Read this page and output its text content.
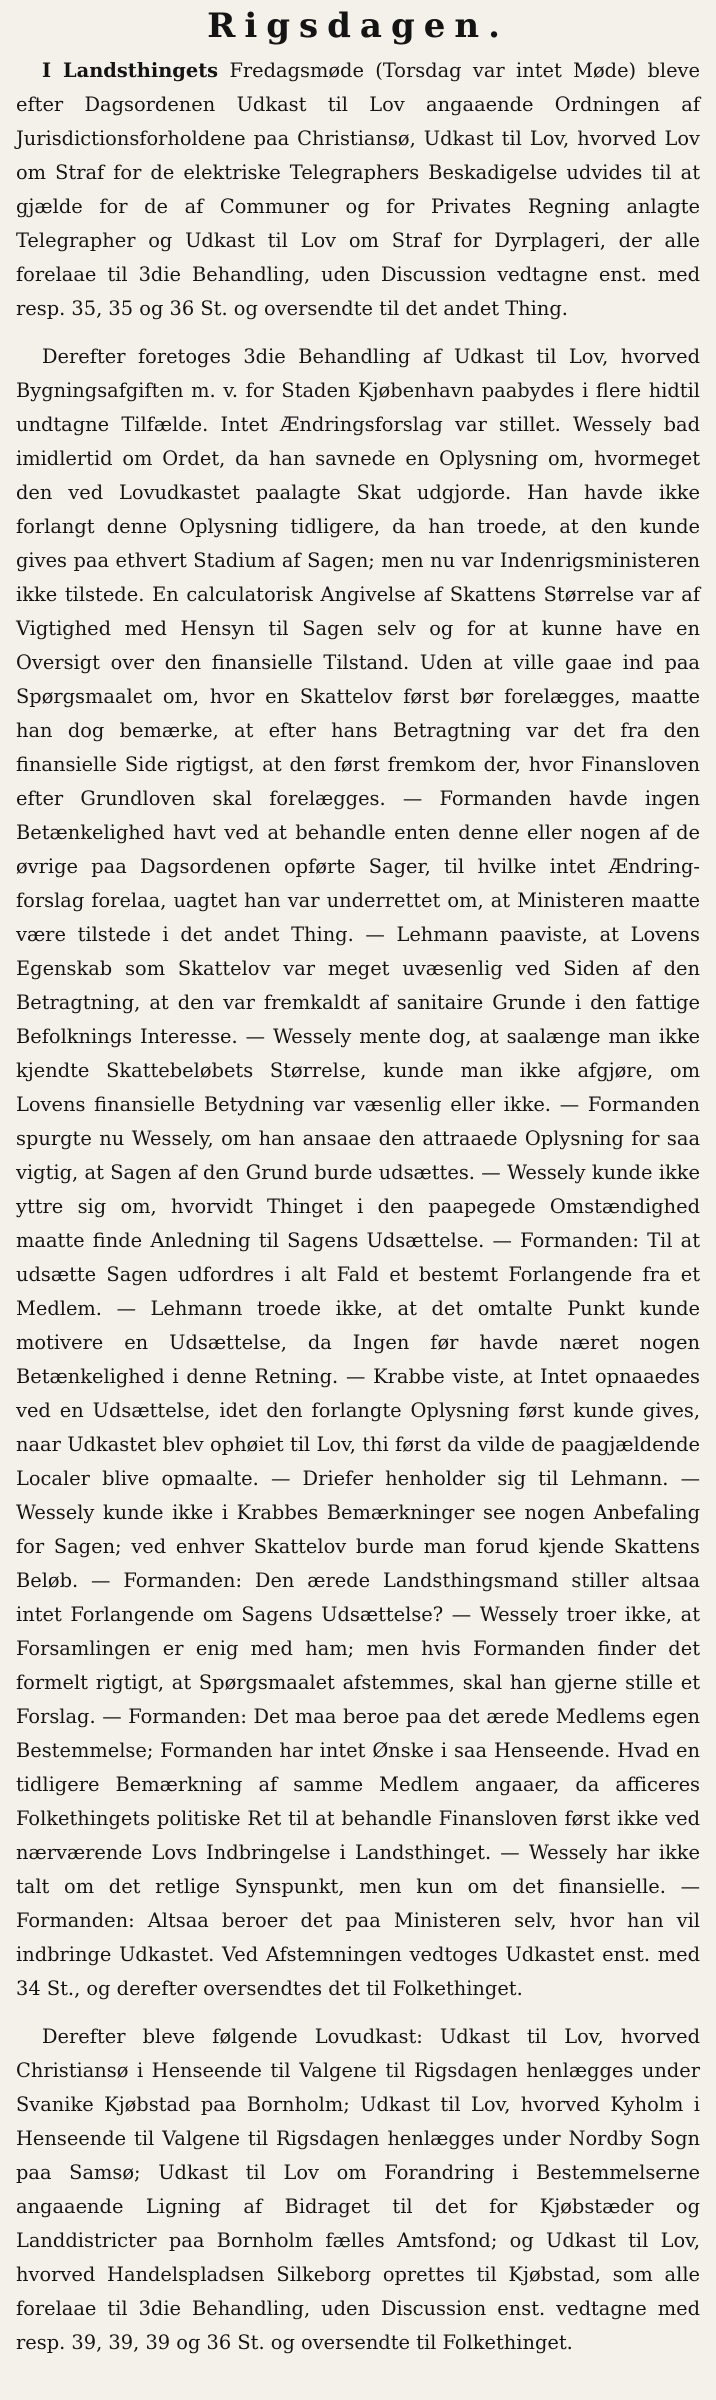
Rigsdagen.

I Landsthingets Fredagsmøde (Torsdag var intet Møde) bleve efter Dagsordenen Udkast til Lov angaaende Ordningen af Jurisdictionsforholdene paa Christiansø, Udkast til Lov, hvorved Lov om Straf for de elektriske Telegraphers Beskadigelse udvides til at gjælde for de af Communer og for Privates Regning anlagte Telegrapher og Udkast til Lov om Straf for Dyrplageri, der alle forelaae til 3die Behandling, uden Discussion vedtagne enst. med resp. 35, 35 og 36 St. og oversendte til det andet Thing.

Derefter foretoges 3die Behandling af Udkast til Lov, hvorved Bygningsafgiften m. v. for Staden Kjøbenhavn paabydes i flere hidtil undtagne Tilfælde. Intet Ændringsforslag var stillet. Wessely bad imidlertid om Ordet, da han savnede en Oplysning om, hvormeget den ved Lovudkastet paalagte Skat udgjorde. Han havde ikke forlangt denne Oplysning tidligere, da han troede, at den kunde gives paa ethvert Stadium af Sagen; men nu var Indenrigsministeren ikke tilstede. En calculatorisk Angivelse af Skattens Størrelse var af Vigtighed med Hensyn til Sagen selv og for at kunne have en Oversigt over den finansielle Tilstand. Uden at ville gaae ind paa Spørgsmaalet om, hvor en Skattelov først bør forelægges, maatte han dog bemærke, at efter hans Betragtning var det fra den finansielle Side rigtigst, at den først fremkom der, hvor Finansloven efter Grundloven skal forelægges. — Formanden havde ingen Betænkelighed havt ved at behandle enten denne eller nogen af de øvrige paa Dagsordenen opførte Sager, til hvilke intet Ændring-forslag forelaa, uagtet han var underrettet om, at Ministeren maatte være tilstede i det andet Thing. — Lehmann paaviste, at Lovens Egenskab som Skattelov var meget uvæsenlig ved Siden af den Betragtning, at den var fremkaldt af sanitaire Grunde i den fattige Befolknings Interesse. — Wessely mente dog, at saalænge man ikke kjendte Skattebeløbets Størrelse, kunde man ikke afgjøre, om Lovens finansielle Betydning var væsenlig eller ikke. — Formanden spurgte nu Wessely, om han ansaae den attraaede Oplysning for saa vigtig, at Sagen af den Grund burde udsættes. — Wessely kunde ikke yttre sig om, hvorvidt Thinget i den paapegede Omstændighed maatte finde Anledning til Sagens Udsættelse. — Formanden: Til at udsætte Sagen udfordres i alt Fald et bestemt Forlangende fra et Medlem. — Lehmann troede ikke, at det omtalte Punkt kunde motivere en Udsættelse, da Ingen før havde næret nogen Betænkelighed i denne Retning. — Krabbe viste, at Intet opnaaedes ved en Udsættelse, idet den forlangte Oplysning først kunde gives, naar Udkastet blev ophøiet til Lov, thi først da vilde de paagjældende Localer blive opmaalte. — Driefer henholder sig til Lehmann. — Wessely kunde ikke i Krabbes Bemærkninger see nogen Anbefaling for Sagen; ved enhver Skattelov burde man forud kjende Skattens Beløb. — Formanden: Den ærede Landsthingsmand stiller altsaa intet Forlangende om Sagens Udsættelse? — Wessely troer ikke, at Forsamlingen er enig med ham; men hvis Formanden finder det formelt rigtigt, at Spørgsmaalet afstemmes, skal han gjerne stille et Forslag. — Formanden: Det maa beroe paa det ærede Medlems egen Bestemmelse; Formanden har intet Ønske i saa Henseende. Hvad en tidligere Bemærkning af samme Medlem angaaer, da afficeres Folkethingets politiske Ret til at behandle Finansloven først ikke ved nærværende Lovs Indbringelse i Landsthinget. — Wessely har ikke talt om det retlige Synspunkt, men kun om det finansielle. — Formanden: Altsaa beroer det paa Ministeren selv, hvor han vil indbringe Udkastet. Ved Afstemningen vedtoges Udkastet enst. med 34 St., og derefter oversendtes det til Folkethinget.

Derefter bleve følgende Lovudkast: Udkast til Lov, hvorved Christiansø i Henseende til Valgene til Rigsdagen henlægges under Svanike Kjøbstad paa Bornholm; Udkast til Lov, hvorved Kyholm i Henseende til Valgene til Rigsdagen henlægges under Nordby Sogn paa Samsø; Udkast til Lov om Forandring i Bestemmelserne angaaende Ligning af Bidraget til det for Kjøbstæder og Landdistricter paa Bornholm fælles Amtsfond; og Udkast til Lov, hvorved Handelspladsen Silkeborg oprettes til Kjøbstad, som alle forelaae til 3die Behandling, uden Discussion enst. vedtagne med resp. 39, 39, 39 og 36 St. og oversendte til Folkethinget.
